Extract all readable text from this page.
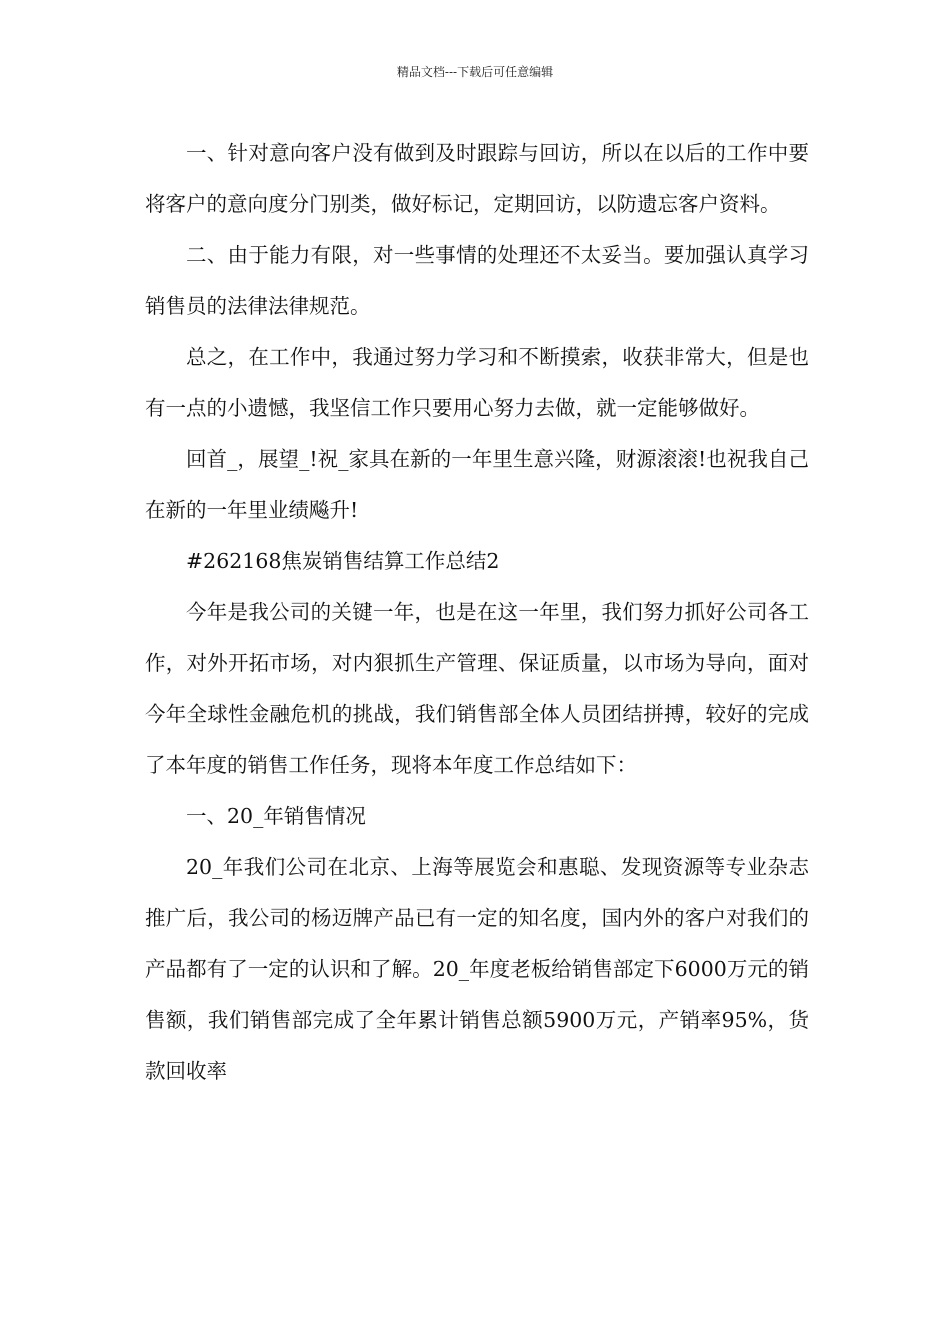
精品文档---下载后可任意编辑

一、针对意向客户没有做到及时跟踪与回访，所以在以后的工作中要将客户的意向度分门别类，做好标记，定期回访，以防遗忘客户资料。

二、由于能力有限，对一些事情的处理还不太妥当。要加强认真学习销售员的法律法律规范。

总之，在工作中，我通过努力学习和不断摸索，收获非常大，但是也有一点的小遗憾，我坚信工作只要用心努力去做，就一定能够做好。

回首_，展望_!祝_家具在新的一年里生意兴隆，财源滚滚!也祝我自己在新的一年里业绩飚升!

#262168焦炭销售结算工作总结2

今年是我公司的关键一年，也是在这一年里，我们努力抓好公司各工作，对外开拓市场，对内狠抓生产管理、保证质量，以市场为导向，面对今年全球性金融危机的挑战，我们销售部全体人员团结拼搏，较好的完成了本年度的销售工作任务，现将本年度工作总结如下：

一、20_年销售情况

20_年我们公司在北京、上海等展览会和惠聪、发现资源等专业杂志推广后，我公司的杨迈牌产品已有一定的知名度，国内外的客户对我们的产品都有了一定的认识和了解。20_年度老板给销售部定下6000万元的销售额，我们销售部完成了全年累计销售总额5900万元，产销率95%，货款回收率
